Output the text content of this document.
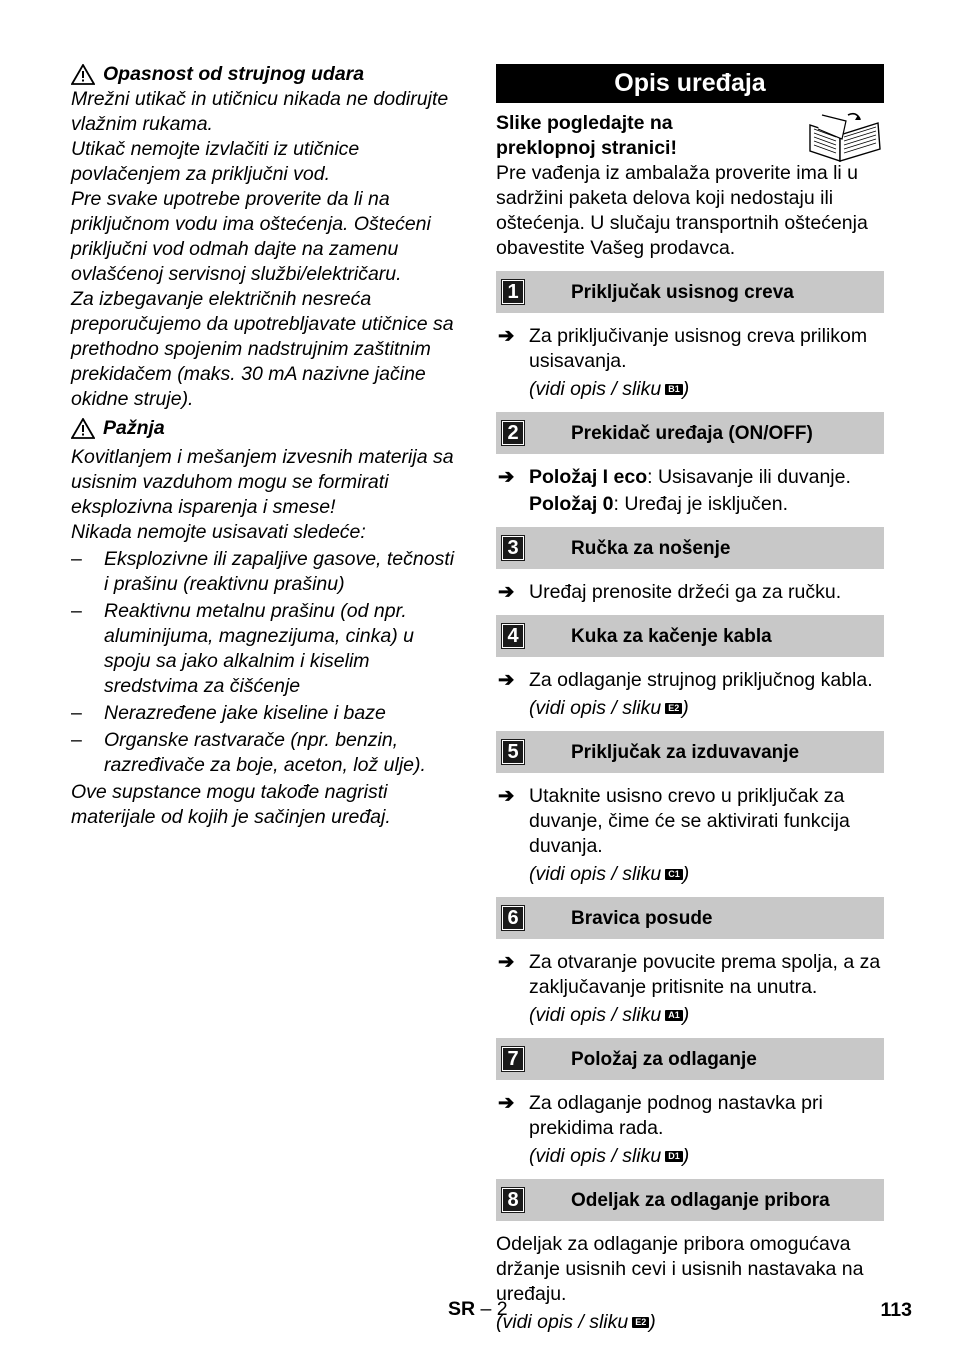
Opasnost od strujnog udara

Mrežni utikač in utičnicu nikada ne dodirujte vlažnim rukama.

Utikač nemojte izvlačiti iz utičnice povlačenjem za priključni vod.

Pre svake upotrebe proverite da li na priključnom vodu ima oštećenja. Oštećeni priključni vod odmah dajte na zamenu ovlašćenoj servisnoj službi/električaru.

Za izbegavanje električnih nesreća preporučujemo da upotrebljavate utičnice sa prethodno spojenim nadstrujnim zaštitnim prekidačem (maks. 30 mA nazivne jačine okidne struje).

Pažnja

Kovitlanjem i mešanjem izvesnih materija sa usisnim vazduhom mogu se formirati eksplozivna isparenja i smese!

Nikada nemojte usisavati sledeće:

– Eksplozivne ili zapaljive gasove, tečnosti i prašinu (reaktivnu prašinu)
– Reaktivnu metalnu prašinu (od npr. aluminijuma, magnezijuma, cinka) u spoju sa jako alkalnim i kiselim sredstvima za čišćenje
– Nerazređene jake kiseline i baze
– Organske rastvarače (npr. benzin, razređivače za boje, aceton, lož ulje).

Ove supstance mogu takođe nagristi materijale od kojih je sačinjen uređaj.

Opis uređaja

Slike pogledajte na preklopnoj stranici!

Pre vađenja iz ambalaža proverite ima li u sadržini paketa delova koji nedostaju ili oštećenja. U slučaju transportnih oštećenja obavestite Vašeg prodavca.

1	Priključak usisnog creva
➔ Za priključivanje usisnog creva prilikom usisavanja.

(vidi opis / sliku B1 )

2	Prekidač uređaja (ON/OFF)
➔ Položaj I eco: Usisavanje ili duvanje.

Položaj 0: Uređaj je isključen.

3	Ručka za nošenje
➔ Uređaj prenosite držeći ga za ručku.

4	Kuka za kačenje kabla
➔ Za odlaganje strujnog priključnog kabla.

(vidi opis / sliku E2 )

5	Priključak za izduvavanje
➔ Utaknite usisno crevo u priključak za duvanje, čime će se aktivirati funkcija duvanja.

(vidi opis / sliku C1 )

6	Bravica posude
➔ Za otvaranje povucite prema spolja, a za zaključavanje pritisnite na unutra.

(vidi opis / sliku A1 )

7	Položaj za odlaganje
➔ Za odlaganje podnog nastavka pri prekidima rada.

(vidi opis / sliku D1 )

8	Odeljak za odlaganje pribora

Odeljak za odlaganje pribora omogućava držanje usisnih cevi i usisnih nastavaka na uređaju.

(vidi opis / sliku E2 )

SR – 2	113
